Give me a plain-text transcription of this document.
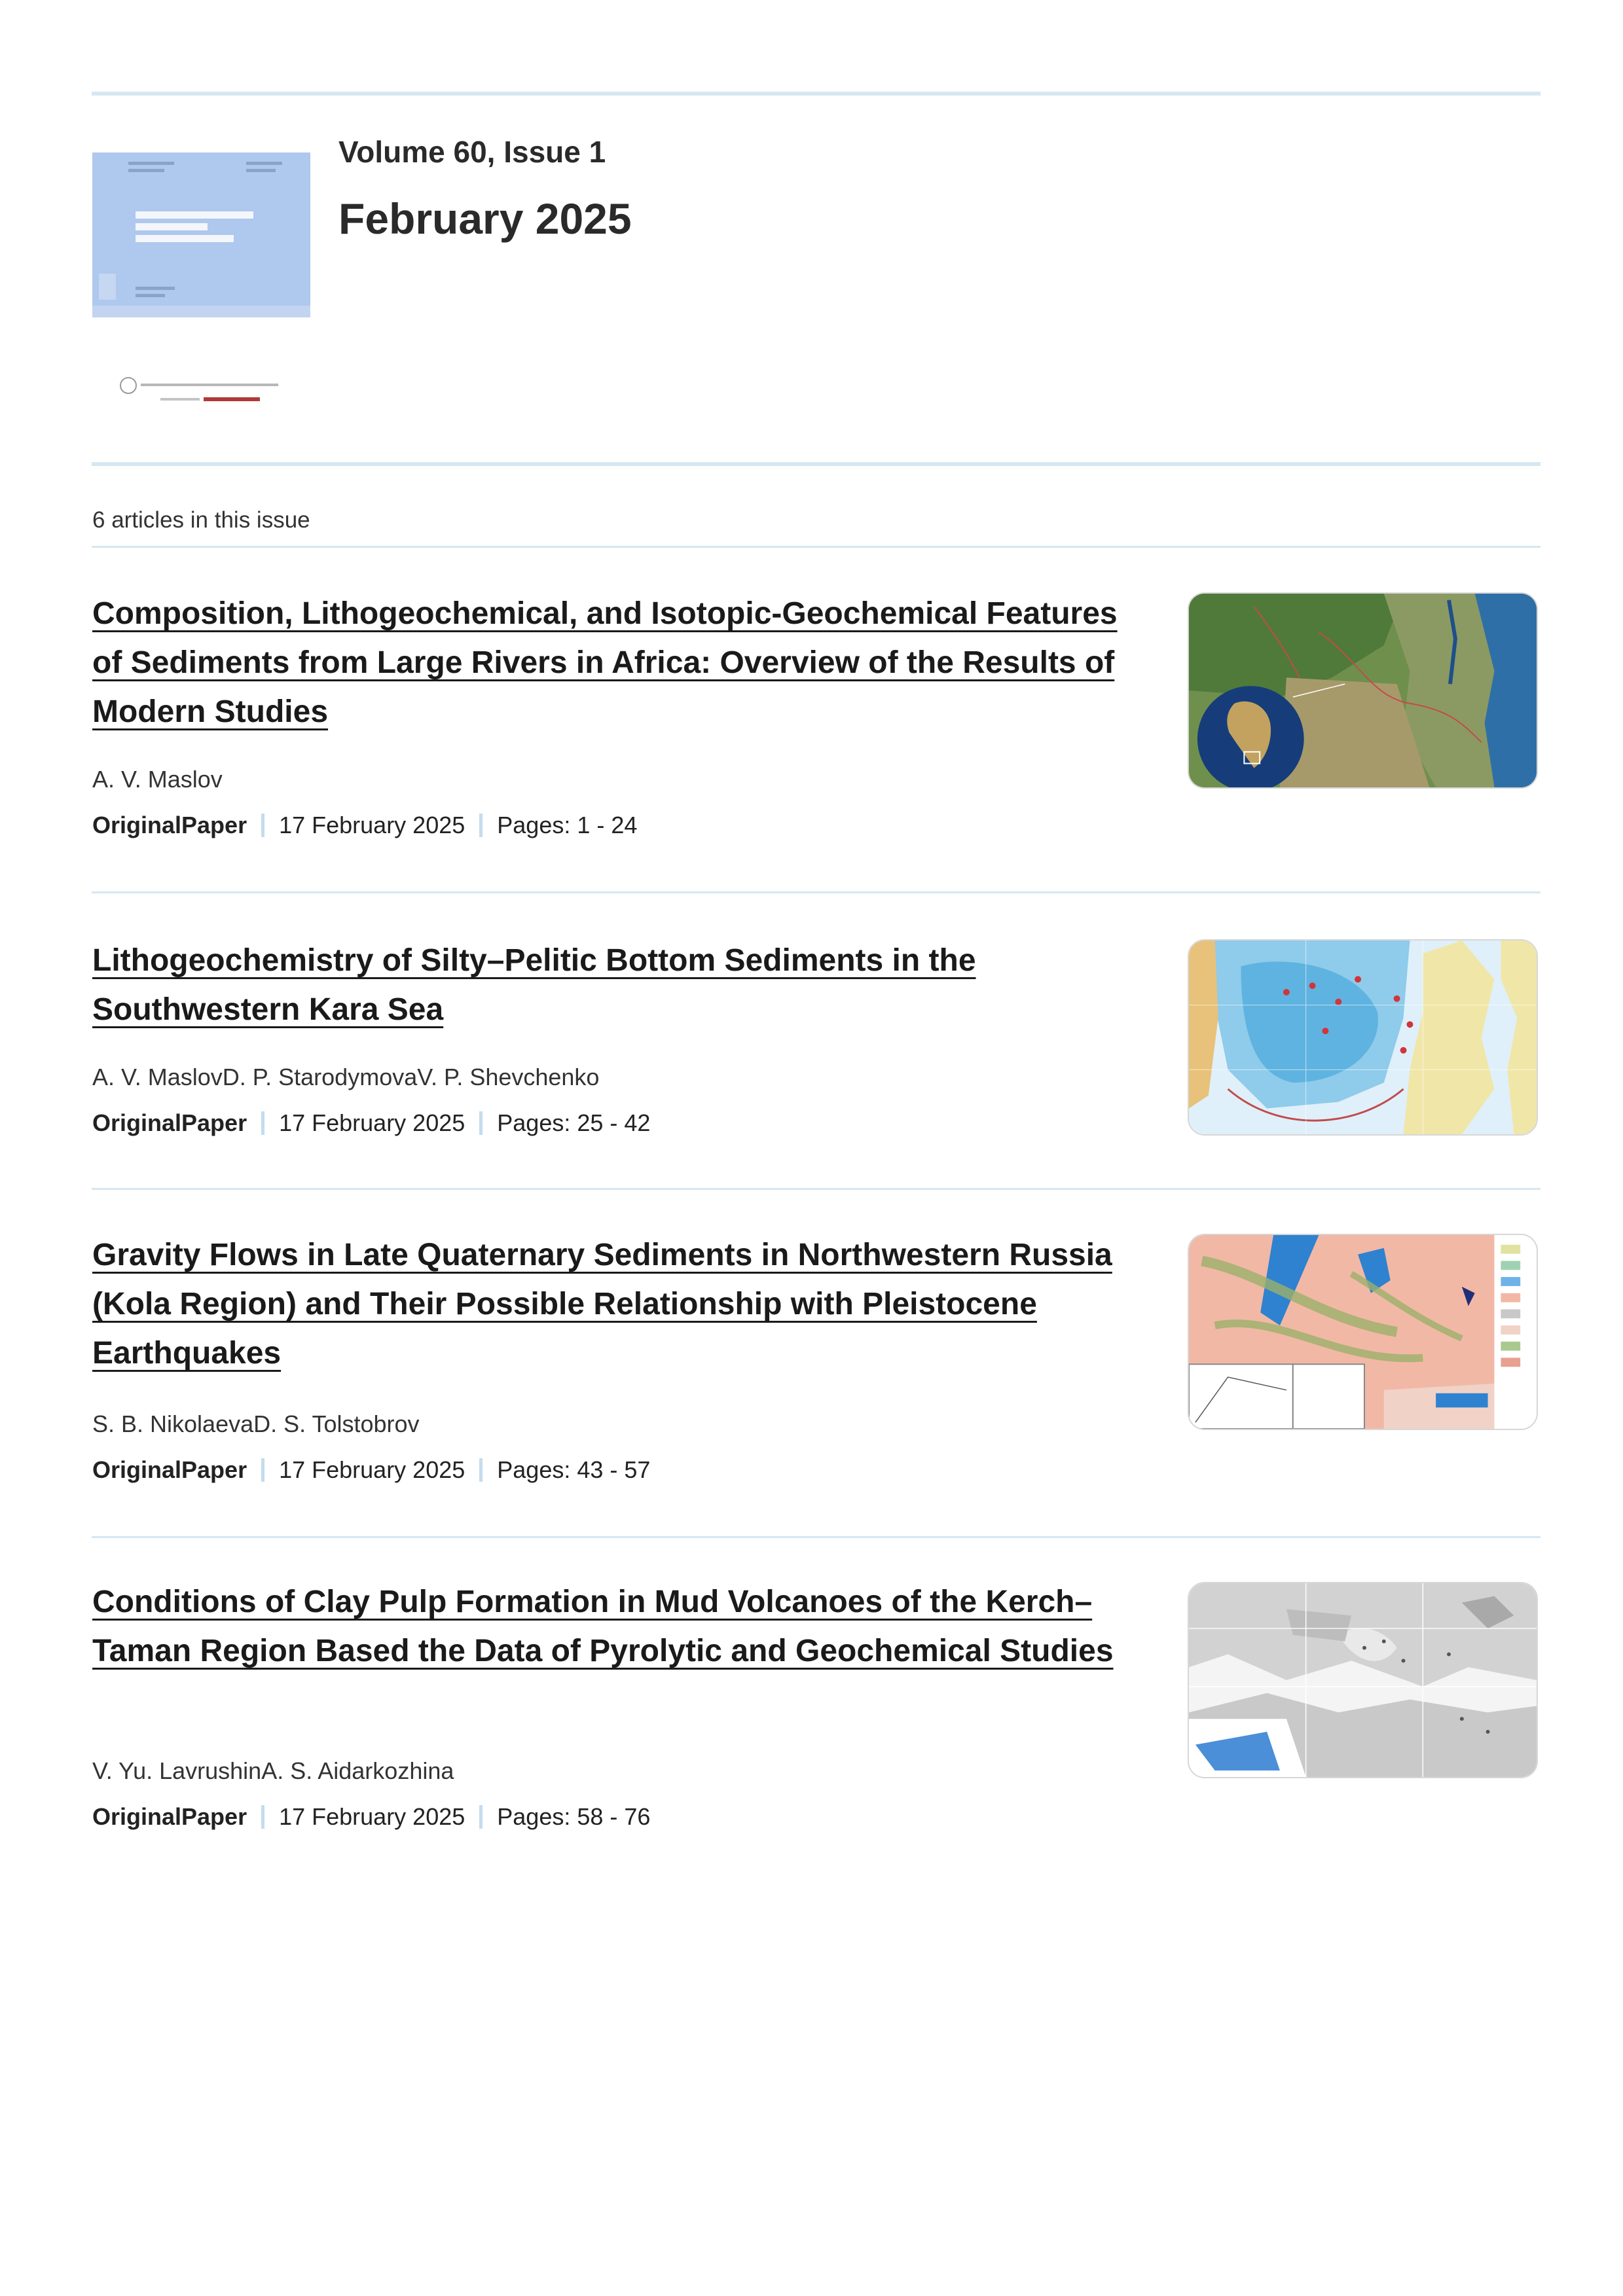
Volume 60, Issue 1
February 2025
6 articles in this issue
Composition, Lithogeochemical, and Isotopic-Geochemical Features of Sediments from Large Rivers in Africa: Overview of the Results of Modern Studies
A. V. Maslov
OriginalPaper 17 February 2025 Pages: 1 - 24
Lithogeochemistry of Silty–Pelitic Bottom Sediments in the Southwestern Kara Sea
A. V. MaslovD. P. StarodymovaV. P. Shevchenko
OriginalPaper 17 February 2025 Pages: 25 - 42
Gravity Flows in Late Quaternary Sediments in Northwestern Russia (Kola Region) and Their Possible Relationship with Pleistocene Earthquakes
S. B. NikolaevaD. S. Tolstobrov
OriginalPaper 17 February 2025 Pages: 43 - 57
Conditions of Clay Pulp Formation in Mud Volcanoes of the Kerch–Taman Region Based the Data of Pyrolytic and Geochemical Studies
V. Yu. LavrushinA. S. Aidarkozhina
OriginalPaper 17 February 2025 Pages: 58 - 76
